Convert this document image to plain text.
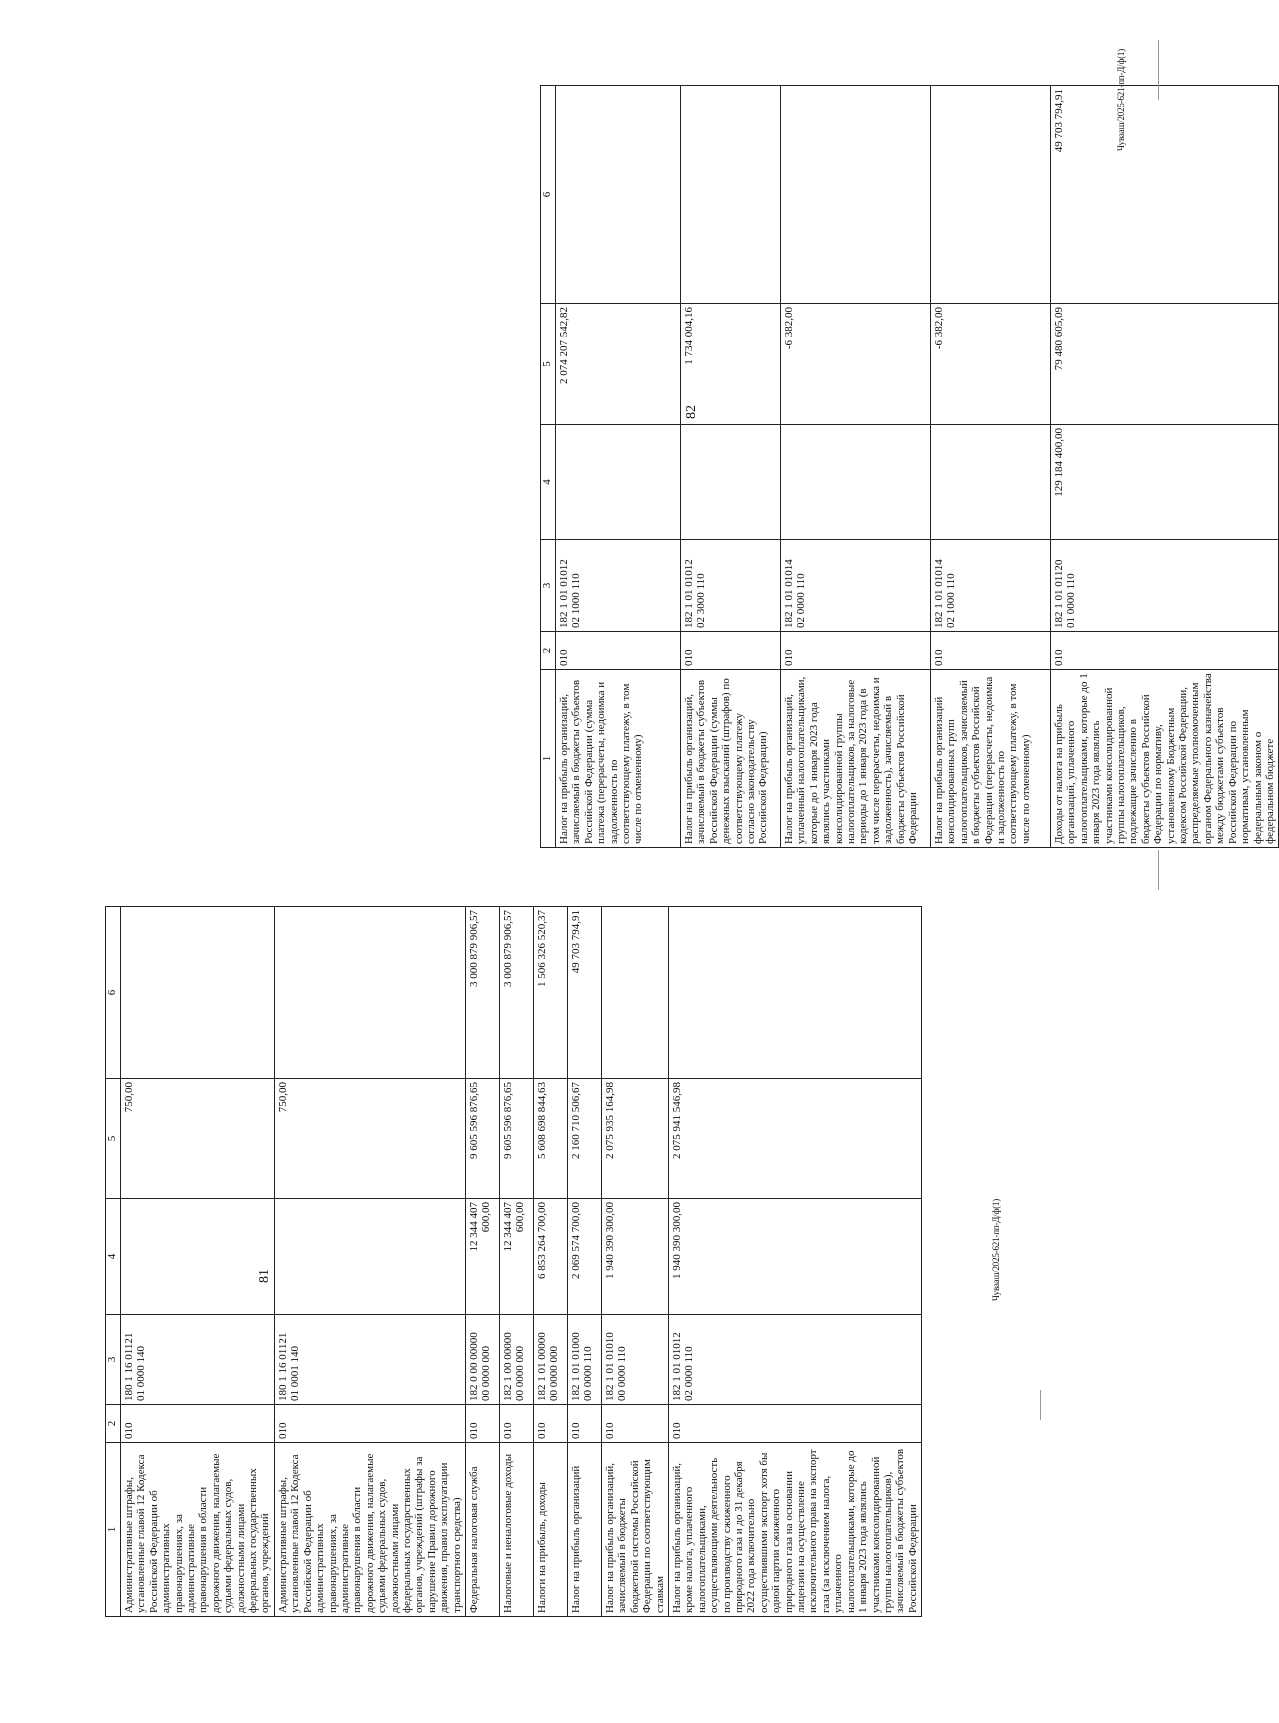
1	2	3	4	5	6
Административные штрафы, установленные главой 12 Кодекса Российской Федерации об административных правонарушениях, за административные правонарушения в области дорожного движения, налагаемые судьями федеральных судов, должностными лицами федеральных государственных органов, учреждений	010	180 1 16 01121
01 0000 140		750,00	
Административные штрафы, установленные главой 12 Кодекса Российской Федерации об административных правонарушениях, за административные правонарушения в области дорожного движения, налагаемые судьями федеральных судов, должностными лицами федеральных государственных органов, учреждений (штрафы за нарушение Правил дорожного движения, правил эксплуатации транспортного средства)	010	180 1 16 01121
01 0001 140		750,00	
Федеральная налоговая служба	010	182 0 00 00000
00 0000 000	12 344 407
600,00	9 605 596 876,65	3 000 879 906,57
Налоговые и неналоговые доходы	010	182 1 00 00000
00 0000 000	12 344 407
600,00	9 605 596 876,65	3 000 879 906,57
Налоги на прибыль, доходы	010	182 1 01 00000
00 0000 000	6 853 264 700,00	5 608 698 844,63	1 506 326 520,37
Налог на прибыль организаций	010	182 1 01 01000
00 0000 110	2 069 574 700,00	2 160 710 506,67	49 703 794,91
Налог на прибыль организаций, зачисляемый в бюджеты бюджетной системы Российской Федерации по соответствующим ставкам	010	182 1 01 01010
00 0000 110	1 940 390 300,00	2 075 935 164,98	
Налог на прибыль организаций, кроме налога, уплаченного налогоплательщиками, осуществляющими деятельность по производству сжиженного природного газа и до 31 декабря 2022 года включительно осуществившими экспорт хотя бы одной партии сжиженного природного газа на основании лицензии на осуществление исключительного права на экспорт газа (за исключением налога, уплаченного налогоплательщиками, которые до 1 января 2023 года являлись участниками консолидированной группы налогоплательщиков), зачисляемый в бюджеты субъектов Российской Федерации	010	182 1 01 01012
02 0000 110	1 940 390 300,00	2 075 941 546,98	
1	2	3	4	5	6
Налог на прибыль организаций, зачисляемый в бюджеты субъектов Российской Федерации (сумма платежа (перерасчеты, недоимка и задолженность по соответствующему платежу, в том числе по отмененному)	010	182 1 01 01012
02 1000 110		2 074 207 542,82	
Налог на прибыль организаций, зачисляемый в бюджеты субъектов Российской Федерации (суммы денежных взысканий (штрафов) по соответствующему платежу согласно законодательству Российской Федерации)	010	182 1 01 01012
02 3000 110		1 734 004,16	
Налог на прибыль организаций, уплаченный налогоплательщиками, которые до 1 января 2023 года являлись участниками консолидированной группы налогоплательщиков, за налоговые периоды до 1 января 2023 года (в том числе перерасчеты, недоимка и задолженность), зачисляемый в бюджеты субъектов Российской Федерации	010	182 1 01 01014
02 0000 110		-6 382,00	
Налог на прибыль организаций консолидированных групп налогоплательщиков, зачисляемый в бюджеты субъектов Российской Федерации (перерасчеты, недоимка и задолженность по соответствующему платежу, в том числе по отмененному)	010	182 1 01 01014
02 1000 110		-6 382,00	
Доходы от налога на прибыль организаций, уплаченного налогоплательщиками, которые до 1 января 2023 года являлись участниками консолидированной группы налогоплательщиков, подлежащие зачислению в бюджеты субъектов Российской Федерации по нормативу, установленному Бюджетным кодексом Российской Федерации, распределяемые уполномоченным органом Федерального казначейства между бюджетами субъектов Российской Федерации по нормативам, установленным федеральным законом о федеральном бюджете	010	182 1 01 01120
01 0000 110	129 184 400,00	79 480 605,09	49 703 794,91
81
82
Чувааш/2025-621-пп-Д/ф(1)
Чувааш/2025-621-пп-Д/ф(1)
